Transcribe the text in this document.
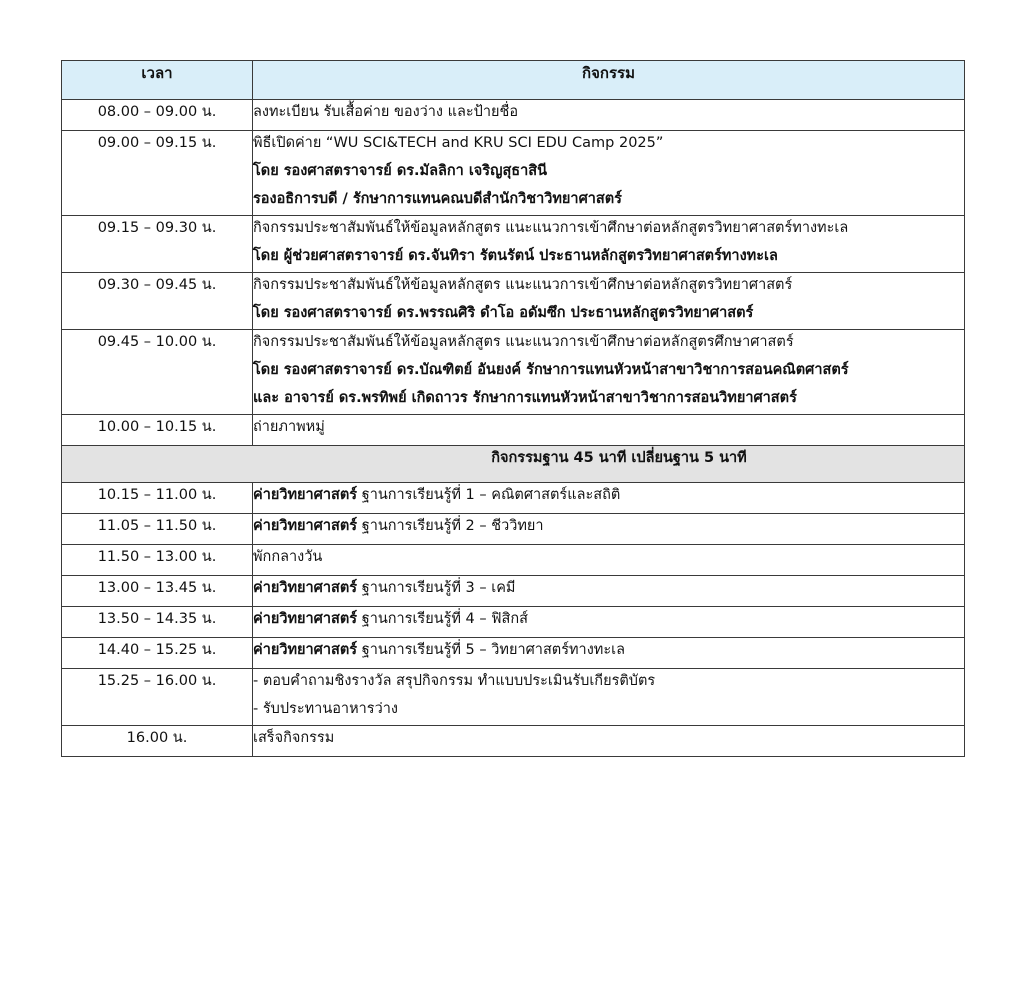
เวลา	กิจกรรม
08.00 – 09.00 น.	ลงทะเบียน รับเสื้อค่าย ของว่าง และป้ายชื่อ

09.00 – 09.15 น.	พิธีเปิดค่าย “WU SCI&TECH and KRU SCI EDU Camp 2025”
โดย รองศาสตราจารย์ ดร.มัลลิกา เจริญสุธาสินี
รองอธิการบดี / รักษาการแทนคณบดีสำนักวิชาวิทยาศาสตร์

09.15 – 09.30 น.	กิจกรรมประชาสัมพันธ์ให้ข้อมูลหลักสูตร แนะแนวการเข้าศึกษาต่อหลักสูตรวิทยาศาสตร์ทางทะเล
โดย ผู้ช่วยศาสตราจารย์ ดร.จันทิรา รัตนรัตน์ ประธานหลักสูตรวิทยาศาสตร์ทางทะเล

09.30 – 09.45 น.	กิจกรรมประชาสัมพันธ์ให้ข้อมูลหลักสูตร แนะแนวการเข้าศึกษาต่อหลักสูตรวิทยาศาสตร์
โดย รองศาสตราจารย์ ดร.พรรณศิริ ดำโอ อดัมซึก ประธานหลักสูตรวิทยาศาสตร์

09.45 – 10.00 น.	กิจกรรมประชาสัมพันธ์ให้ข้อมูลหลักสูตร แนะแนวการเข้าศึกษาต่อหลักสูตรศึกษาศาสตร์
โดย รองศาสตราจารย์ ดร.บัณฑิตย์ อันยงค์ รักษาการแทนหัวหน้าสาขาวิชาการสอนคณิตศาสตร์
และ อาจารย์ ดร.พรทิพย์ เกิดถาวร รักษาการแทนหัวหน้าสาขาวิชาการสอนวิทยาศาสตร์

10.00 – 10.15 น.	ถ่ายภาพหมู่

กิจกรรมฐาน 45 นาที เปลี่ยนฐาน 5 นาที	
10.15 – 11.00 น.	ค่ายวิทยาศาสตร์ ฐานการเรียนรู้ที่ 1 – คณิตศาสตร์และสถิติ

11.05 – 11.50 น.	ค่ายวิทยาศาสตร์ ฐานการเรียนรู้ที่ 2 – ชีววิทยา

11.50 – 13.00 น.	พักกลางวัน

13.00 – 13.45 น.	ค่ายวิทยาศาสตร์ ฐานการเรียนรู้ที่ 3 – เคมี

13.50 – 14.35 น.	ค่ายวิทยาศาสตร์ ฐานการเรียนรู้ที่ 4 – ฟิสิกส์

14.40 – 15.25 น.	ค่ายวิทยาศาสตร์ ฐานการเรียนรู้ที่ 5 – วิทยาศาสตร์ทางทะเล

15.25 – 16.00 น.	- ตอบคำถามชิงรางวัล สรุปกิจกรรม ทำแบบประเมินรับเกียรติบัตร
- รับประทานอาหารว่าง

16.00 น.	เสร็จกิจกรรม
